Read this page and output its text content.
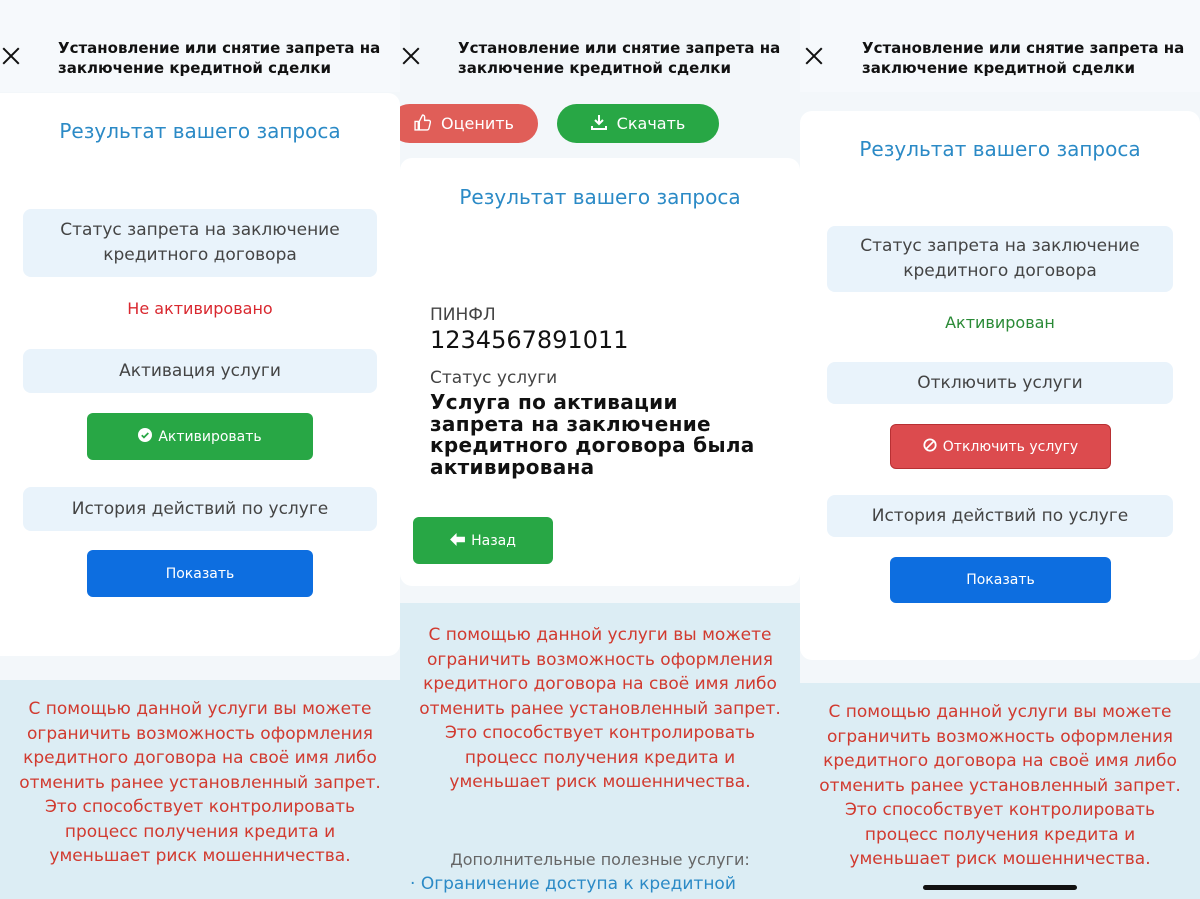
Установление или снятие запрета на заключение кредитной сделки
Результат вашего запроса
Статус запрета на заключение кредитного договора
Не активировано
Активация услуги
Активировать
История действий по услуге
Показать

С помощью данной услуги вы можете ограничить возможность оформления кредитного договора на своё имя либо отменить ранее установленный запрет.

Это способствует контролировать процесс получения кредита и уменьшает риск мошенничества.

Установление или снятие запрета на заключение кредитной сделки
Оценить	Скачать
Результат вашего запроса
ПИНФЛ
1234567891011
Статус услуги
Услуга по активации запрета на заключение кредитного договора была активирована
Назад

С помощью данной услуги вы можете ограничить возможность оформления кредитного договора на своё имя либо отменить ранее установленный запрет.

Это способствует контролировать процесс получения кредита и уменьшает риск мошенничества.

Дополнительные полезные услуги:
· Ограничение доступа к кредитной
Установление или снятие запрета на заключение кредитной сделки
Результат вашего запроса
Статус запрета на заключение кредитного договора
Активирован
Отключить услуги
Отключить услугу
История действий по услуге
Показать

С помощью данной услуги вы можете ограничить возможность оформления кредитного договора на своё имя либо отменить ранее установленный запрет.

Это способствует контролировать процесс получения кредита и уменьшает риск мошенничества.
